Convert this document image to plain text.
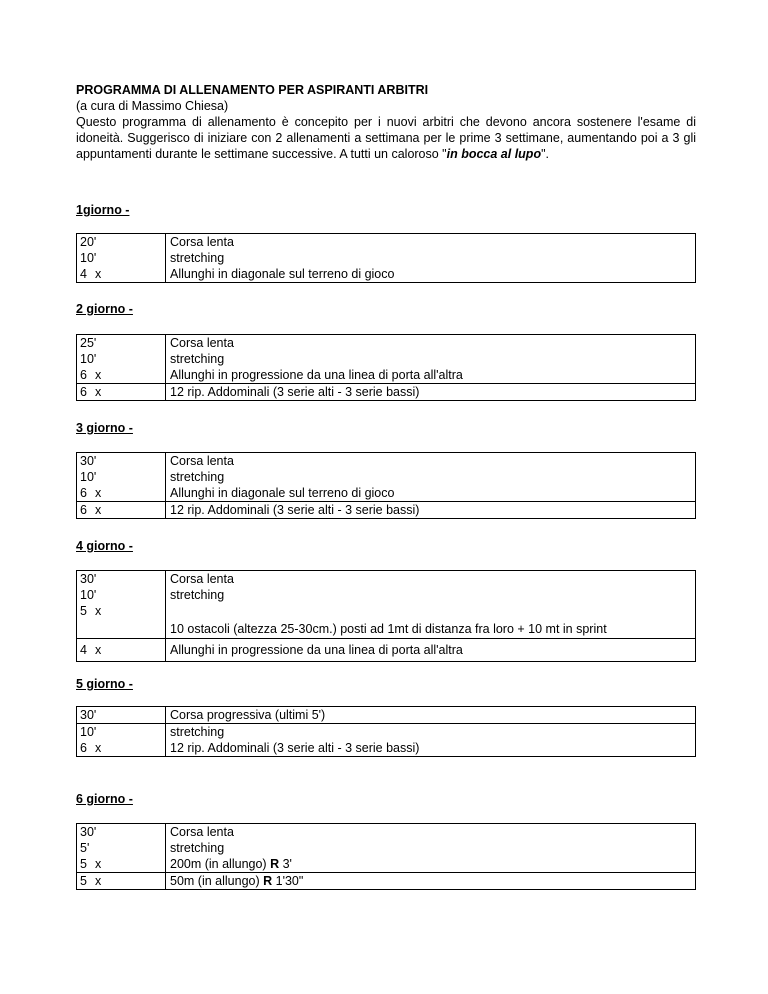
PROGRAMMA DI ALLENAMENTO PER ASPIRANTI ARBITRI

(a cura di Massimo Chiesa)

Questo programma di allenamento è concepito per i nuovi arbitri che devono ancora sostenere l'esame di idoneità. Suggerisco di iniziare con 2 allenamenti a settimana per le prime 3 settimane, aumentando poi a 3 gli appuntamenti durante le settimane successive. A tutti un caloroso "in bocca al lupo".

1giorno -

20'	Corsa lenta
10'	stretching
4 x	Allunghi in diagonale sul terreno di gioco

2 giorno -

25'	Corsa lenta
10'	stretching
6 x	Allunghi in progressione da una linea di porta all'altra
6 x	12 rip. Addominali (3 serie alti - 3 serie bassi)

3 giorno -

30'	Corsa lenta
10'	stretching
6 x	Allunghi in diagonale sul terreno di gioco
6 x	12 rip. Addominali (3 serie alti - 3 serie bassi)

4 giorno -

30'	Corsa lenta
10'	stretching
5 x	10 ostacoli (altezza 25-30cm.) posti ad 1mt di distanza fra loro + 10 mt in sprint
4 x	Allunghi in progressione da una linea di porta all'altra

5 giorno -

30'	Corsa progressiva (ultimi 5')
10'	stretching
6 x	12 rip. Addominali (3 serie alti - 3 serie bassi)

6 giorno -

30'	Corsa lenta
5'	stretching
5 x	200m (in allungo) R 3'
5 x	50m (in allungo) R 1'30"
